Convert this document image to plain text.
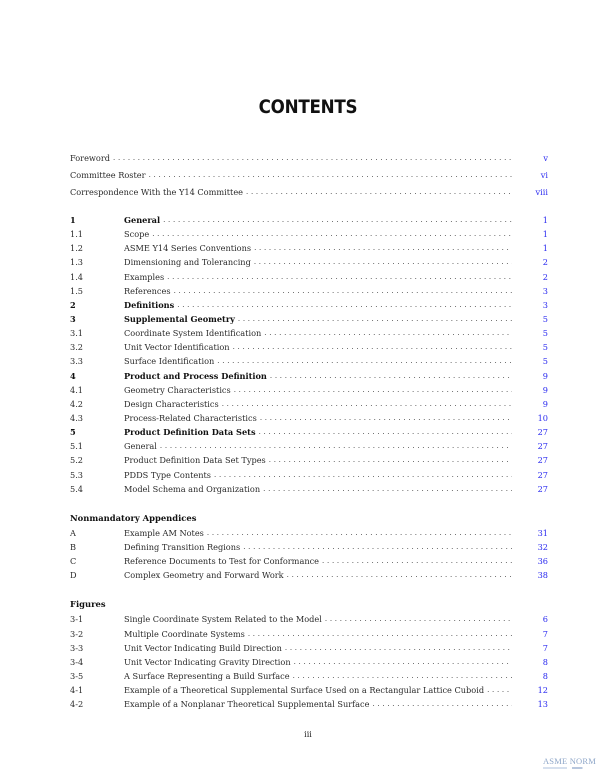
CONTENTS
Foreword . . .	v
Committee Roster . . .	vi
Correspondence With the Y14 Committee . . .	viii
1	General . . .	1
1.1	Scope . . .	1
1.2	ASME Y14 Series Conventions . . .	1
1.3	Dimensioning and Tolerancing . . .	2
1.4	Examples . . .	2
1.5	References . . .	3
2	Definitions . . .	3
3	Supplemental Geometry . . .	5
3.1	Coordinate System Identification . . .	5
3.2	Unit Vector Identification . . .	5
3.3	Surface Identification . . .	5
4	Product and Process Definition . . .	9
4.1	Geometry Characteristics . . .	9
4.2	Design Characteristics . . .	9
4.3	Process-Related Characteristics . . .	10
5	Product Definition Data Sets . . .	27
5.1	General . . .	27
5.2	Product Definition Data Set Types . . .	27
5.3	PDDS Type Contents . . .	27
5.4	Model Schema and Organization . . .	27
Nonmandatory Appendices
A	Example AM Notes . . .	31
B	Defining Transition Regions . . .	32
C	Reference Documents to Test for Conformance . . .	36
D	Complex Geometry and Forward Work . . .	38
Figures
3-1	Single Coordinate System Related to the Model . . .	6
3-2	Multiple Coordinate Systems . . .	7
3-3	Unit Vector Indicating Build Direction . . .	7
3-4	Unit Vector Indicating Gravity Direction . . .	8
3-5	A Surface Representing a Build Surface . . .	8
4-1	Example of a Theoretical Supplemental Surface Used on a Rectangular Lattice Cuboid . . .	12
4-2	Example of a Nonplanar Theoretical Supplemental Surface . . .	13
iii
ASME NORM
